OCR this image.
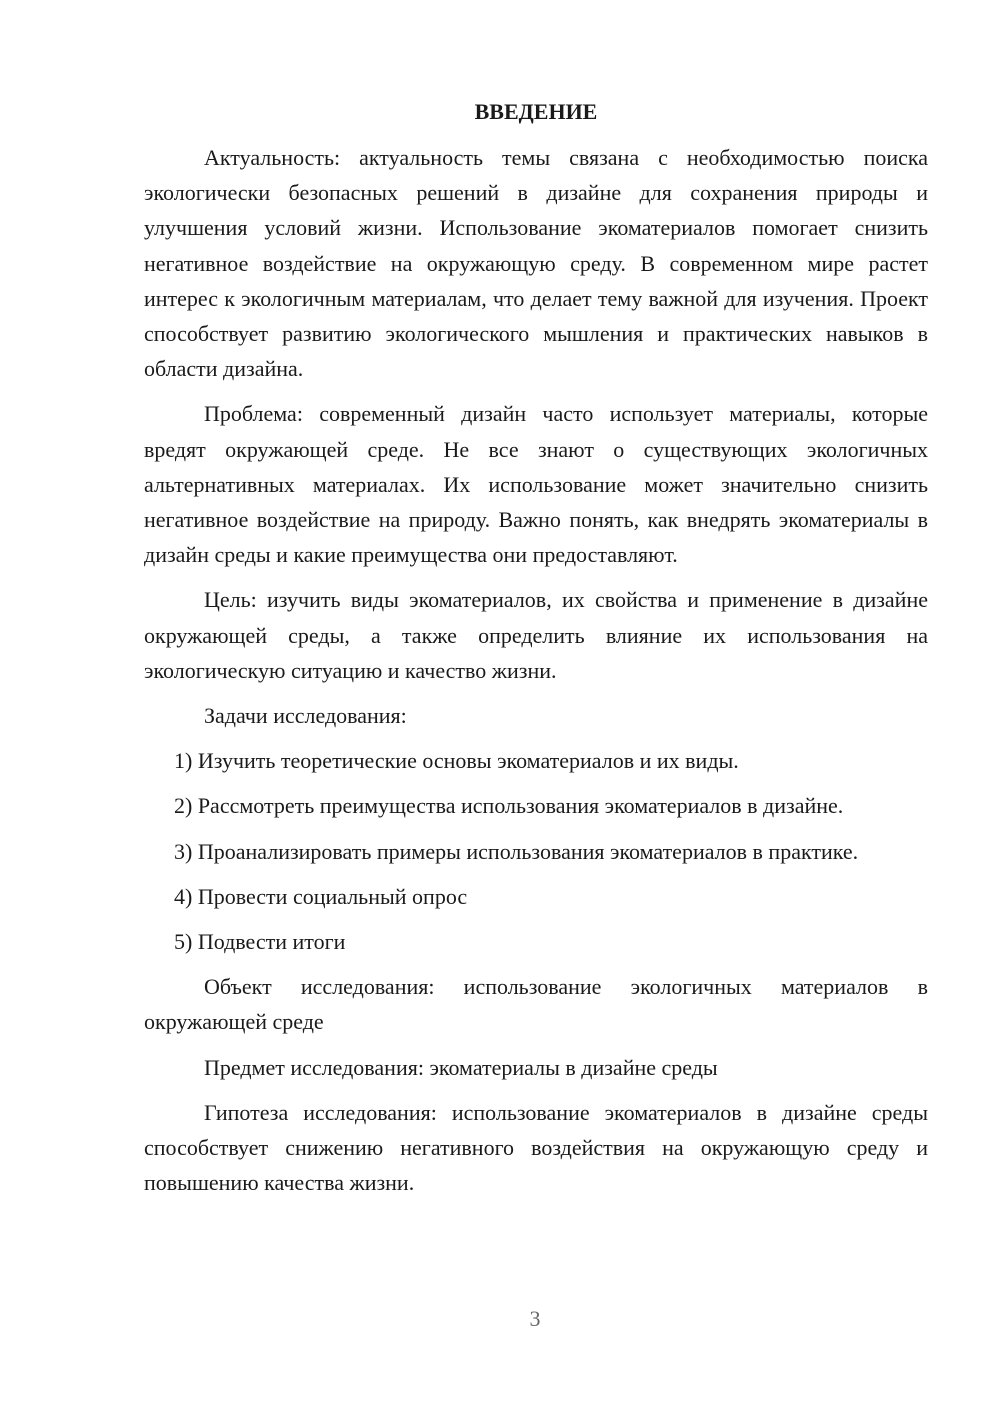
ВВЕДЕНИЕ

Актуальность: актуальность темы связана с необходимостью поиска экологически безопасных решений в дизайне для сохранения природы и улучшения условий жизни. Использование экоматериалов помогает снизить негативное воздействие на окружающую среду. В современном мире растет интерес к экологичным материалам, что делает тему важной для изучения. Проект способствует развитию экологического мышления и практических навыков в области дизайна.

Проблема: современный дизайн часто использует материалы, которые вредят окружающей среде. Не все знают о существующих экологичных альтернативных материалах. Их использование может значительно снизить негативное воздействие на природу. Важно понять, как внедрять экоматериалы в дизайн среды и какие преимущества они предоставляют.

Цель: изучить виды экоматериалов, их свойства и применение в дизайне окружающей среды, а также определить влияние их использования на экологическую ситуацию и качество жизни.

Задачи исследования:

1) Изучить теоретические основы экоматериалов и их виды.

2) Рассмотреть преимущества использования экоматериалов в дизайне.

3) Проанализировать примеры использования экоматериалов в практике.

4) Провести социальный опрос

5) Подвести итоги

Объект исследования: использование экологичных материалов в окружающей среде

Предмет исследования: экоматериалы в дизайне среды

Гипотеза исследования: использование экоматериалов в дизайне среды способствует снижению негативного воздействия на окружающую среду и повышению качества жизни.

3
